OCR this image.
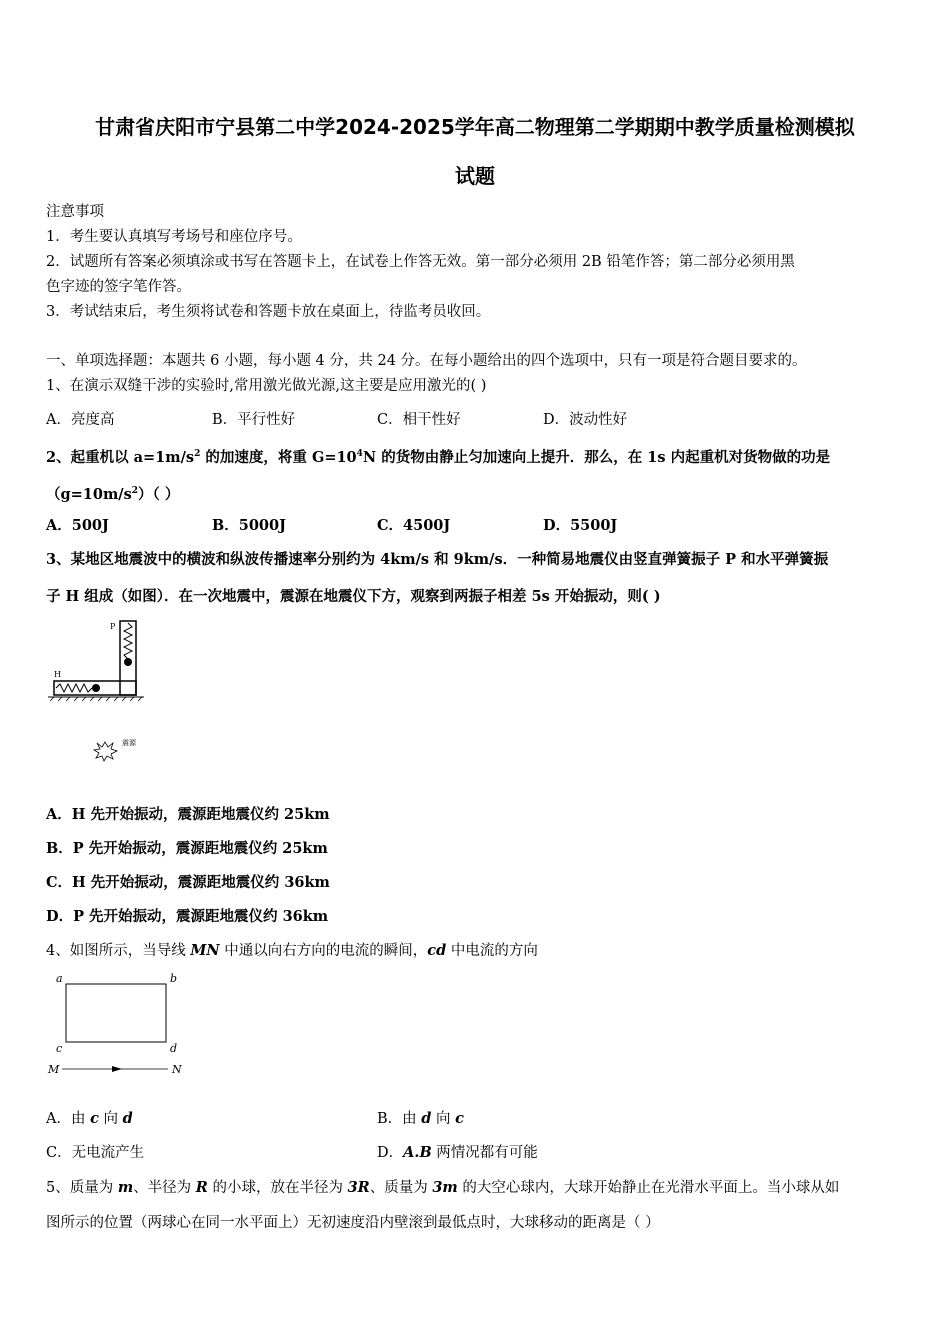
甘肃省庆阳市宁县第二中学2024-2025学年高二物理第二学期期中教学质量检测模拟
试题
注意事项
1．考生要认真填写考场号和座位序号。
2．试题所有答案必须填涂或书写在答题卡上，在试卷上作答无效。第一部分必须用 2B 铅笔作答；第二部分必须用黑
色字迹的签字笔作答。
3．考试结束后，考生须将试卷和答题卡放在桌面上，待监考员收回。
一、单项选择题：本题共 6 小题，每小题 4 分，共 24 分。在每小题给出的四个选项中，只有一项是符合题目要求的。
1、在演示双缝干涉的实验时,常用激光做光源,这主要是应用激光的( )
A．亮度高	B．平行性好	C．相干性好	D．波动性好
2、起重机以 $a=1m/s^2$ 的加速度，将重 $G=10^4N$ 的货物由静止匀加速向上提升．那么，在 1s 内起重机对货物做的功是
$(g=10m/s^2)$（ ）
A．500J	B．5000J	C．4500J	D．5500J
3、某地区地震波中的横波和纵波传播速率分别约为 4km/s 和 9km/s．一种简易地震仪由竖直弹簧振子 P 和水平弹簧振
子 H 组成（如图）．在一次地震中，震源在地震仪下方，观察到两振子相差 5s 开始振动，则( )
P
H
震源
A．H 先开始振动，震源距地震仪约 25km
B．P 先开始振动，震源距地震仪约 25km
C．H 先开始振动，震源距地震仪约 36km
D．P 先开始振动，震源距地震仪约 36km
4、如图所示，当导线 MN 中通以向右方向的电流的瞬间，cd 中电流的方向
a	b
c	d
M	N
A．由 c 向 d	B．由 d 向 c
C．无电流产生	D．A.B 两情况都有可能
5、质量为 m、半径为 R 的小球，放在半径为 3R、质量为 3m 的大空心球内，大球开始静止在光滑水平面上。当小球从如
图所示的位置（两球心在同一水平面上）无初速度沿内壁滚到最低点时，大球移动的距离是（ ）
